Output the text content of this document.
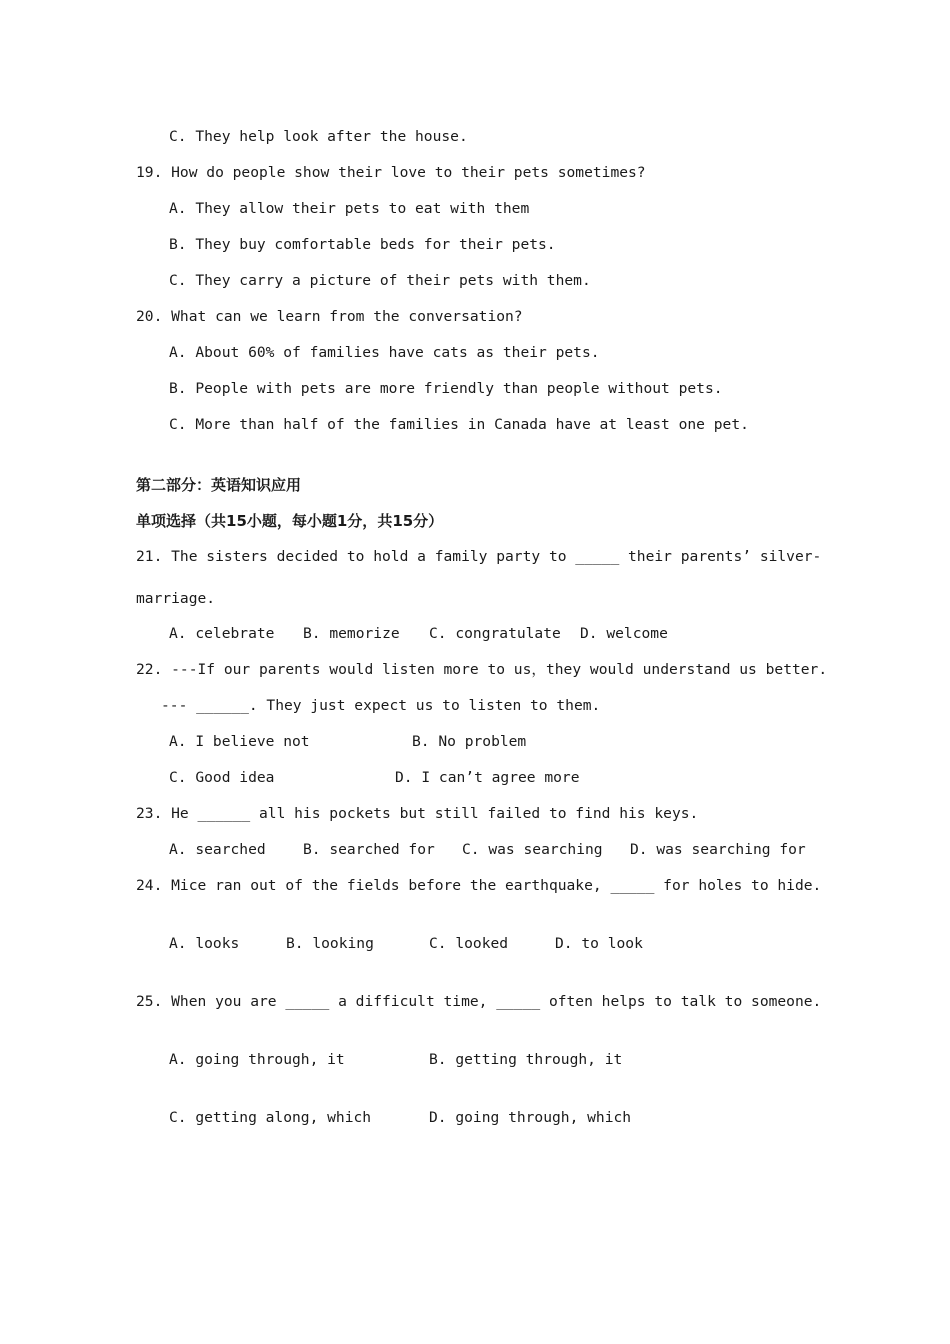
C. They help look after the house.
19. How do people show their love to their pets sometimes?
A. They allow their pets to eat with them
B. They buy comfortable beds for their pets.
C. They carry a picture of their pets with them.
20. What can we learn from the conversation?
A. About 60% of families have cats as their pets.
B. People with pets are more friendly than people without pets.
C. More than half of the families in Canada have at least one pet.
第二部分：英语知识应用
单项选择（共15小题，每小题1分，共15分）
21. The sisters decided to hold a family party to _____ their parents’ silver-
marriage.
A. celebrate B. memorize C. congratulate D. welcome
22. ---If our parents would listen more to us，they would understand us better.
--- ______. They just expect us to listen to them.
A. I believe not	B. No problem
C. Good idea	D. I can’t agree more
23. He ______ all his pockets but still failed to find his keys.
A. searched	B. searched for C. was searching D. was searching for
24. Mice ran out of the fields before the earthquake, _____ for holes to hide.
A. looks	B. looking	C. looked	D. to look
25. When you are _____ a difficult time, _____ often helps to talk to someone.
A. going through, it	B. getting through, it
C. getting along, which	D. going through, which
